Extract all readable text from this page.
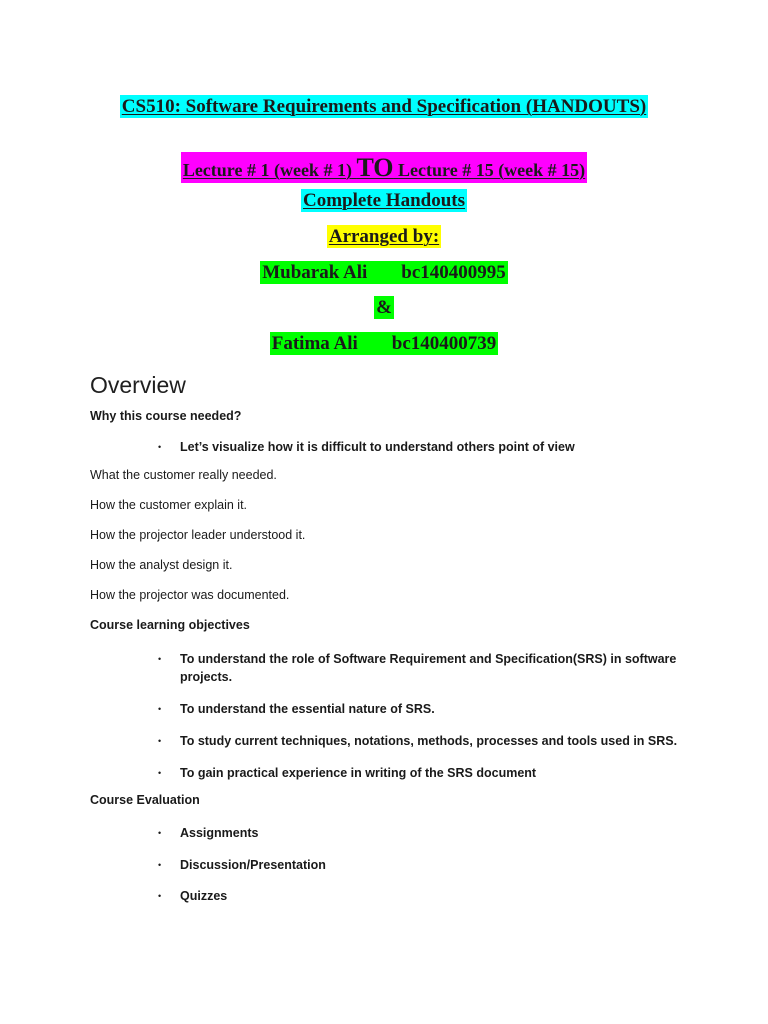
CS510: Software Requirements and Specification (HANDOUTS)
Lecture # 1 (week # 1) TO Lecture # 15 (week # 15)
Complete Handouts
Arranged by:
Mubarak Ali bc140400995
&
Fatima Ali bc140400739
Overview

Why this course needed?

•	Let’s visualize how it is difficult to understand others point of view

What the customer really needed.

How the customer explain it.

How the projector leader understood it.

How the analyst design it.

How the projector was documented.

Course learning objectives

•	To understand the role of Software Requirement and Specification(SRS) in software projects.
•	To understand the essential nature of SRS.
•	To study current techniques, notations, methods, processes and tools used in SRS.
•	To gain practical experience in writing of the SRS document

Course Evaluation

•	Assignments
•	Discussion/Presentation
•	Quizzes
